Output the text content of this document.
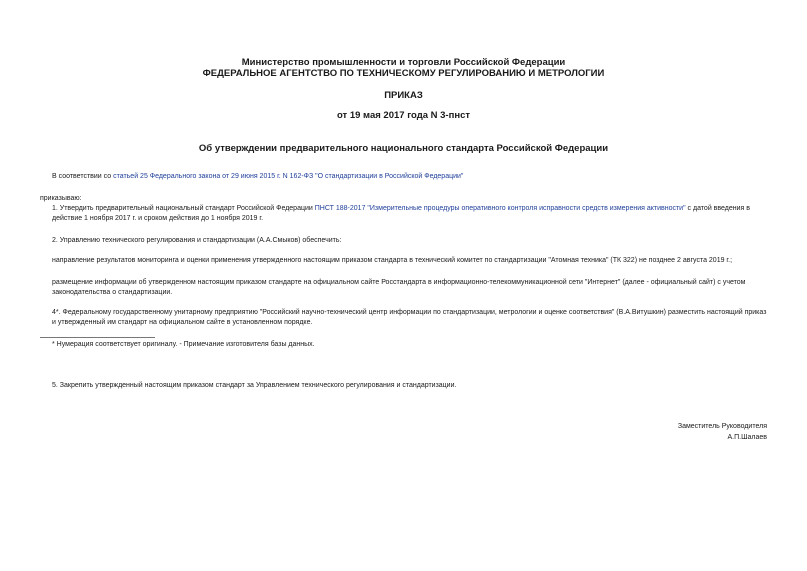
Министерство промышленности и торговли Российской Федерации
ФЕДЕРАЛЬНОЕ АГЕНТСТВО ПО ТЕХНИЧЕСКОМУ РЕГУЛИРОВАНИЮ И МЕТРОЛОГИИ
ПРИКАЗ
от 19 мая 2017 года N 3-пнст
Об утверждении предварительного национального стандарта Российской Федерации
В соответствии со статьей 25 Федерального закона от 29 июня 2015 г. N 162-ФЗ "О стандартизации в Российской Федерации"
приказываю:
1. Утвердить предварительный национальный стандарт Российской Федерации ПНСТ 188-2017 "Измерительные процедуры оперативного контроля исправности средств измерения активности" с датой введения в действие 1 ноября 2017 г. и сроком действия до 1 ноября 2019 г.
2. Управлению технического регулирования и стандартизации (А.А.Смыков) обеспечить:
направление результатов мониторинга и оценки применения утвержденного настоящим приказом стандарта в технический комитет по стандартизации "Атомная техника" (ТК 322) не позднее 2 августа 2019 г.;
размещение информации об утвержденном настоящим приказом стандарте на официальном сайте Росстандарта в информационно-телекоммуникационной сети "Интернет" (далее - официальный сайт) с учетом законодательства о стандартизации.
4*. Федеральному государственному унитарному предприятию "Российский научно-технический центр информации по стандартизации, метрологии и оценке соответствия" (В.А.Витушкин) разместить настоящий приказ и утвержденный им стандарт на официальном сайте в установленном порядке.
* Нумерация соответствует оригиналу. - Примечание изготовителя базы данных.
5. Закрепить утвержденный настоящим приказом стандарт за Управлением технического регулирования и стандартизации.
Заместитель Руководителя
А.П.Шалаев
